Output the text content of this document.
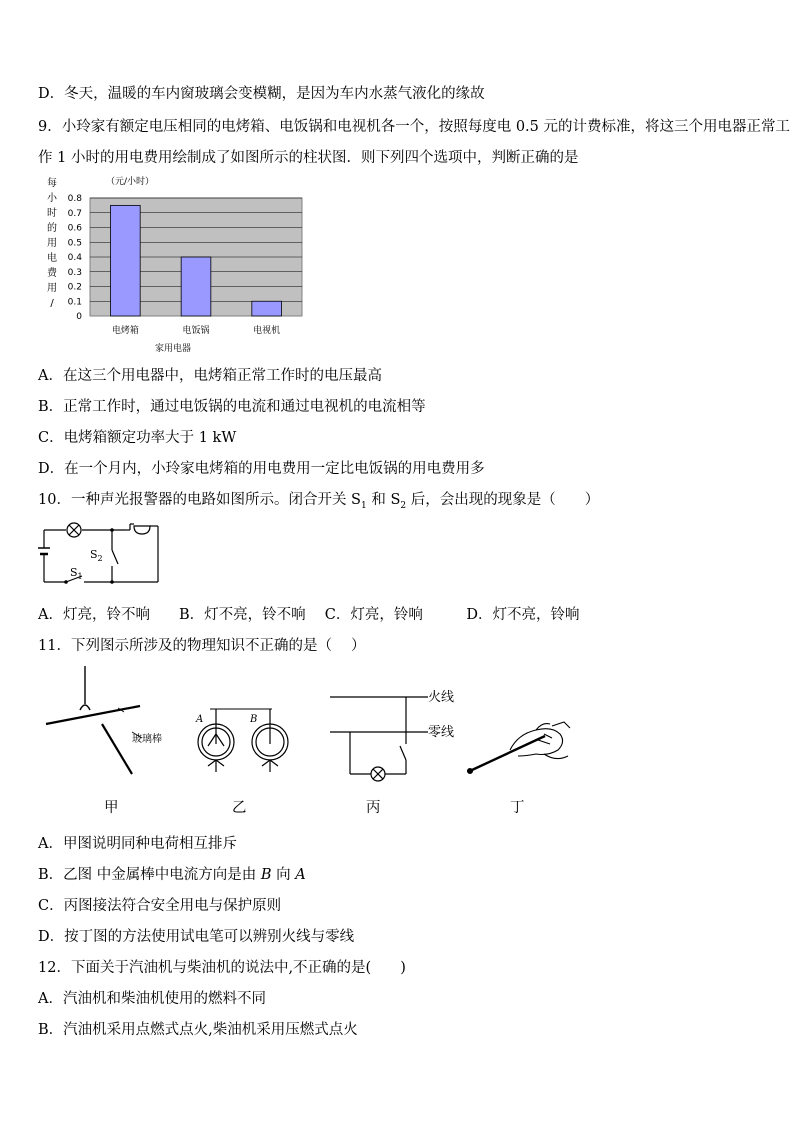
D．冬天，温暖的车内窗玻璃会变模糊，是因为车内水蒸气液化的缘故
9．小玲家有额定电压相同的电烤箱、电饭锅和电视机各一个，按照每度电 0.5 元的计费标准，将这三个用电器正常工
作 1 小时的用电费用绘制成了如图所示的柱状图．则下列四个选项中，判断正确的是
（元/小时）
每
小
时
的
用
电
费
用
/
0
0.1
0.2
0.3
0.4
0.5
0.6
0.7
0.8
电烤箱	电饭锅	电视机
家用电器
A．在这三个用电器中，电烤箱正常工作时的电压最高
B．正常工作时，通过电饭锅的电流和通过电视机的电流相等
C．电烤箱额定功率大于 1 kW
D．在一个月内，小玲家电烤箱的用电费用一定比电饭锅的用电费用多
10．一种声光报警器的电路如图所示。闭合开关 $S_1$ 和 $S_2$ 后，会出现的现象是（　　）
$S_2$
$S_1$
A．灯亮，铃不响　　B．灯不亮，铃不响　 C．灯亮，铃响　　　D．灯不亮，铃响
11．下列图示所涉及的物理知识不正确的是（　 ）
玻璃棒
A	B
火线
零线
甲	乙	丙	丁
A．甲图说明同种电荷相互排斥
B．乙图 中金属棒中电流方向是由 B 向 A
C．丙图接法符合安全用电与保护原则
D．按丁图的方法使用试电笔可以辨别火线与零线
12．下面关于汽油机与柴油机的说法中,不正确的是(　　)
A．汽油机和柴油机使用的燃料不同
B．汽油机采用点燃式点火,柴油机采用压燃式点火
